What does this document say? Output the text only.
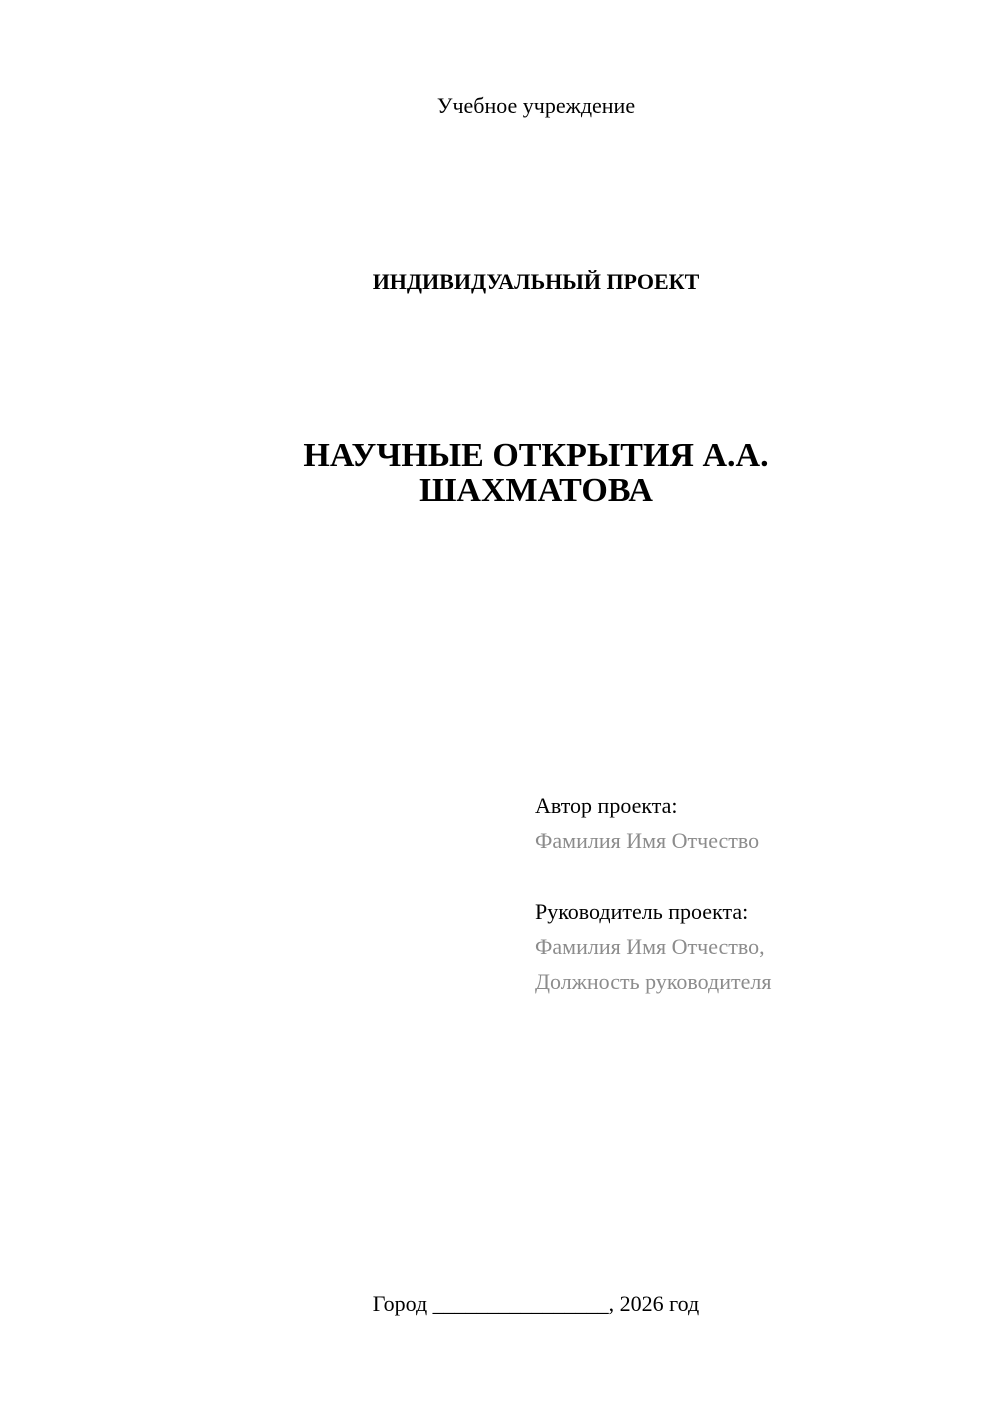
Учебное учреждение
ИНДИВИДУАЛЬНЫЙ ПРОЕКТ
НАУЧНЫЕ ОТКРЫТИЯ А.А.
ШАХМАТОВА
Автор проекта:
Фамилия Имя Отчество
Руководитель проекта:
Фамилия Имя Отчество,
Должность руководителя
Город ________________, 2026 год
